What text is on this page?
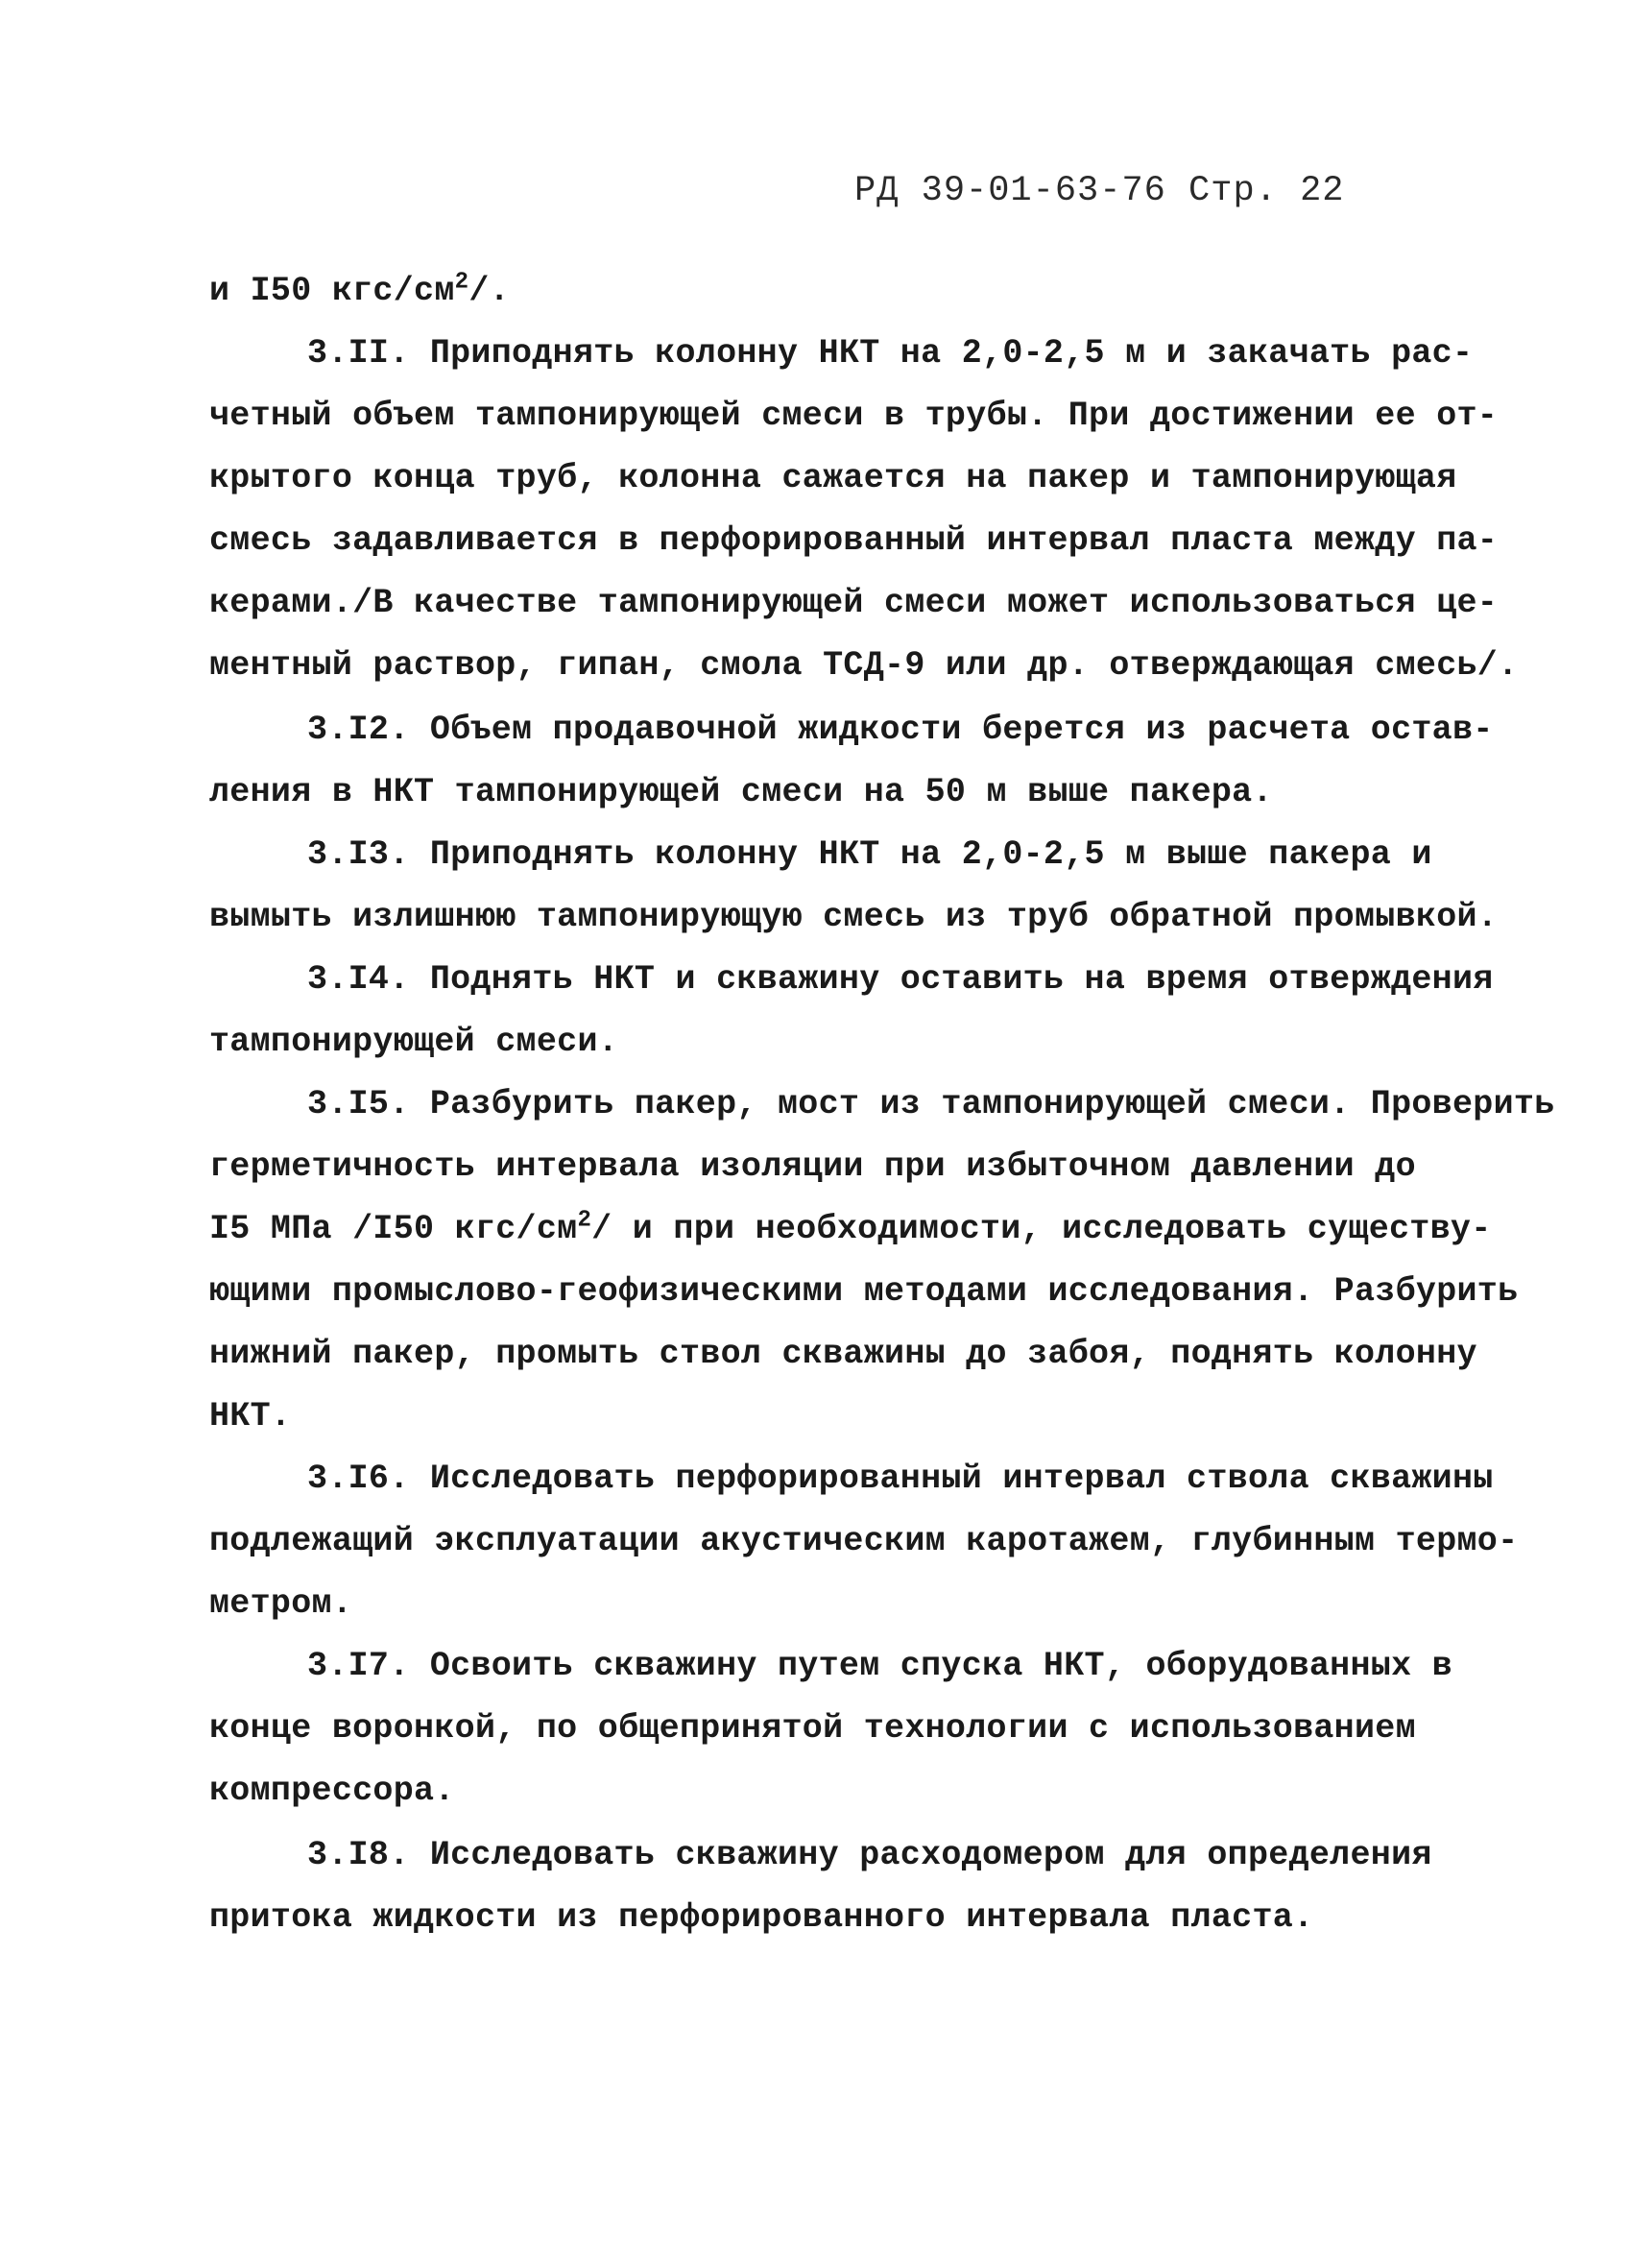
РД 39-01-63-76 Стр. 22
и I50 кгс/$см^2/$.
3.II. Приподнять колонну НКТ на 2,0-2,5 м и закачать рас-
четный объем тампонирующей смеси в трубы. При достижении ее от-
крытого конца труб, колонна сажается на пакер и тампонирующая
смесь задавливается в перфорированный интервал пласта между па-
керами./В качестве тампонирующей смеси может использоваться це-
ментный раствор, гипан, смола ТСД-9 или др. отверждающая смесь/.
3.I2. Объем продавочной жидкости берется из расчета остав-
ления в НКТ тампонирующей смеси на 50 м выше пакера.
3.I3. Приподнять колонну НКТ на 2,0-2,5 м выше пакера и
вымыть излишнюю тампонирующую смесь из труб обратной промывкой.
3.I4. Поднять НКТ и скважину оставить на время отверждения
тампонирующей смеси.
3.I5. Разбурить пакер, мост из тампонирующей смеси. Проверить
герметичность интервала изоляции при избыточном давлении до
I5 МПа /I50 кгс/$см^2/$ и при необходимости, исследовать существу-
ющими промыслово-геофизическими методами исследования. Разбурить
нижний пакер, промыть ствол скважины до забоя, поднять колонну
НКТ.
3.I6. Исследовать перфорированный интервал ствола скважины
подлежащий эксплуатации акустическим каротажем, глубинным термо-
метром.
3.I7. Освоить скважину путем спуска НКТ, оборудованных в
конце воронкой, по общепринятой технологии с использованием
компрессора.
3.I8. Исследовать скважину расходомером для определения
притока жидкости из перфорированного интервала пласта.
